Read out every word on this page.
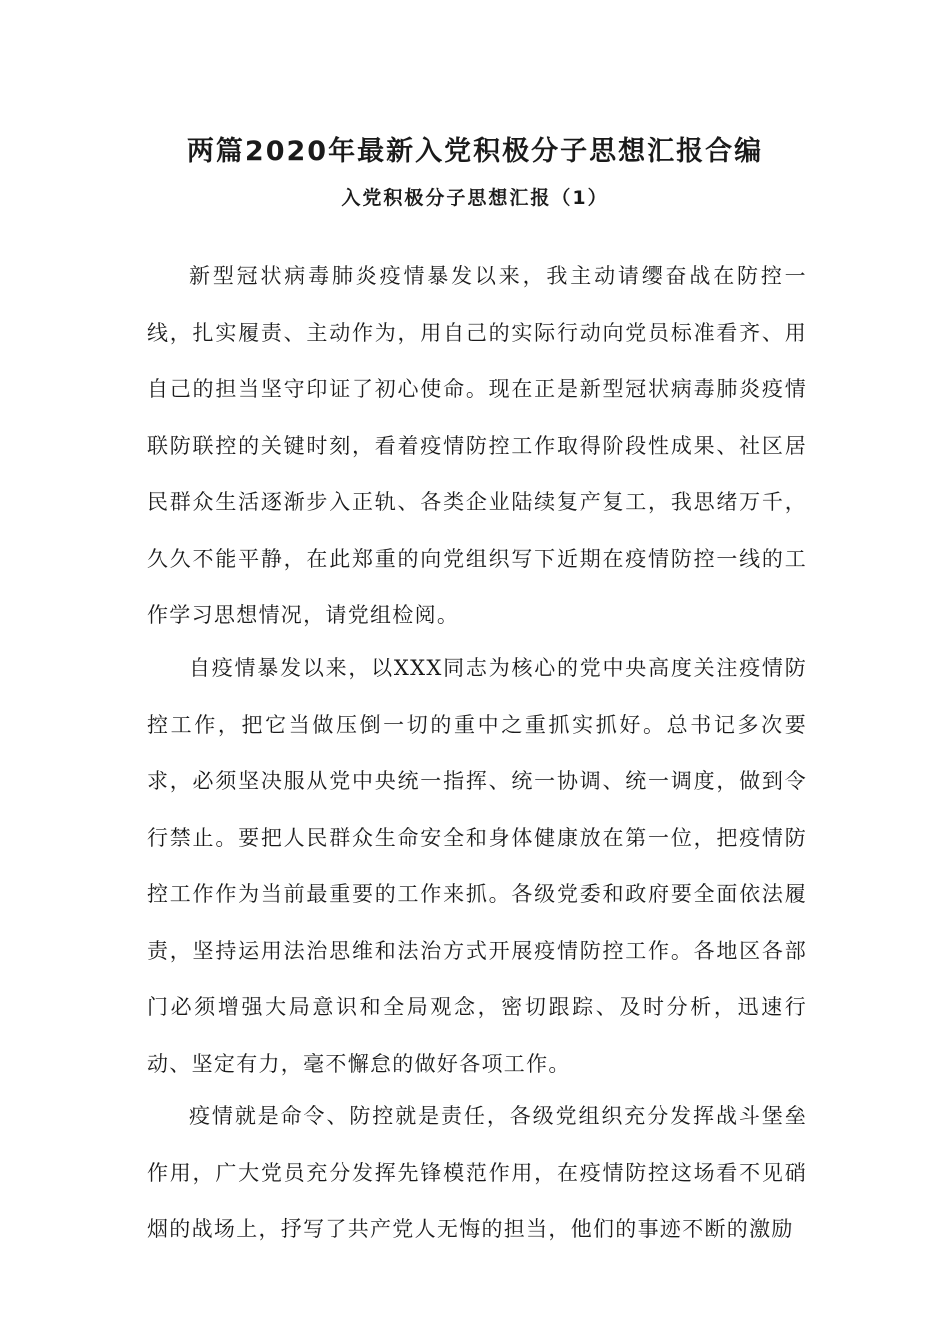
两篇2020年最新入党积极分子思想汇报合编
入党积极分子思想汇报（1）

新型冠状病毒肺炎疫情暴发以来，我主动请缨奋战在防控一线，扎实履责、主动作为，用自己的实际行动向党员标准看齐、用自己的担当坚守印证了初心使命。现在正是新型冠状病毒肺炎疫情联防联控的关键时刻，看着疫情防控工作取得阶段性成果、社区居民群众生活逐渐步入正轨、各类企业陆续复产复工，我思绪万千，久久不能平静，在此郑重的向党组织写下近期在疫情防控一线的工作学习思想情况，请党组检阅。

自疫情暴发以来，以XXX同志为核心的党中央高度关注疫情防控工作，把它当做压倒一切的重中之重抓实抓好。总书记多次要求，必须坚决服从党中央统一指挥、统一协调、统一调度，做到令行禁止。要把人民群众生命安全和身体健康放在第一位，把疫情防控工作作为当前最重要的工作来抓。各级党委和政府要全面依法履责，坚持运用法治思维和法治方式开展疫情防控工作。各地区各部门必须增强大局意识和全局观念，密切跟踪、及时分析，迅速行动、坚定有力，毫不懈怠的做好各项工作。

疫情就是命令、防控就是责任，各级党组织充分发挥战斗堡垒作用，广大党员充分发挥先锋模范作用，在疫情防控这场看不见硝烟的战场上，抒写了共产党人无悔的担当，他们的事迹不断的激励
